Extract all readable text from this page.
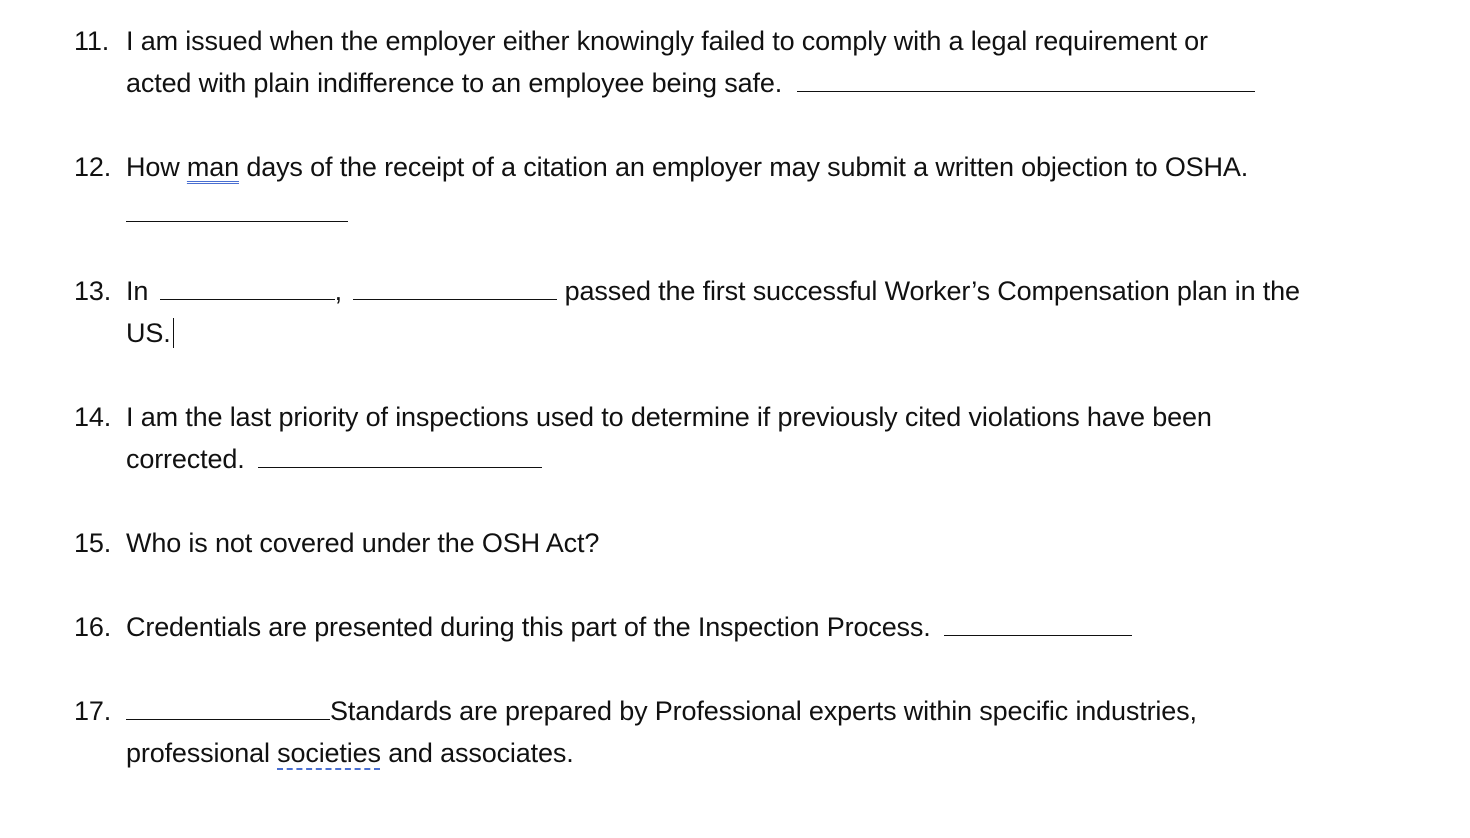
11. I am issued when the employer either knowingly failed to comply with a legal requirement or
acted with plain indifference to an employee being safe.
12. How man days of the receipt of a citation an employer may submit a written objection to OSHA.
13. In	,	passed the first successful Worker’s Compensation plan in the
US.
14. I am the last priority of inspections used to determine if previously cited violations have been
corrected.
15. Who is not covered under the OSH Act?
16. Credentials are presented during this part of the Inspection Process.
17.	Standards are prepared by Professional experts within specific industries,
professional societies and associates.
